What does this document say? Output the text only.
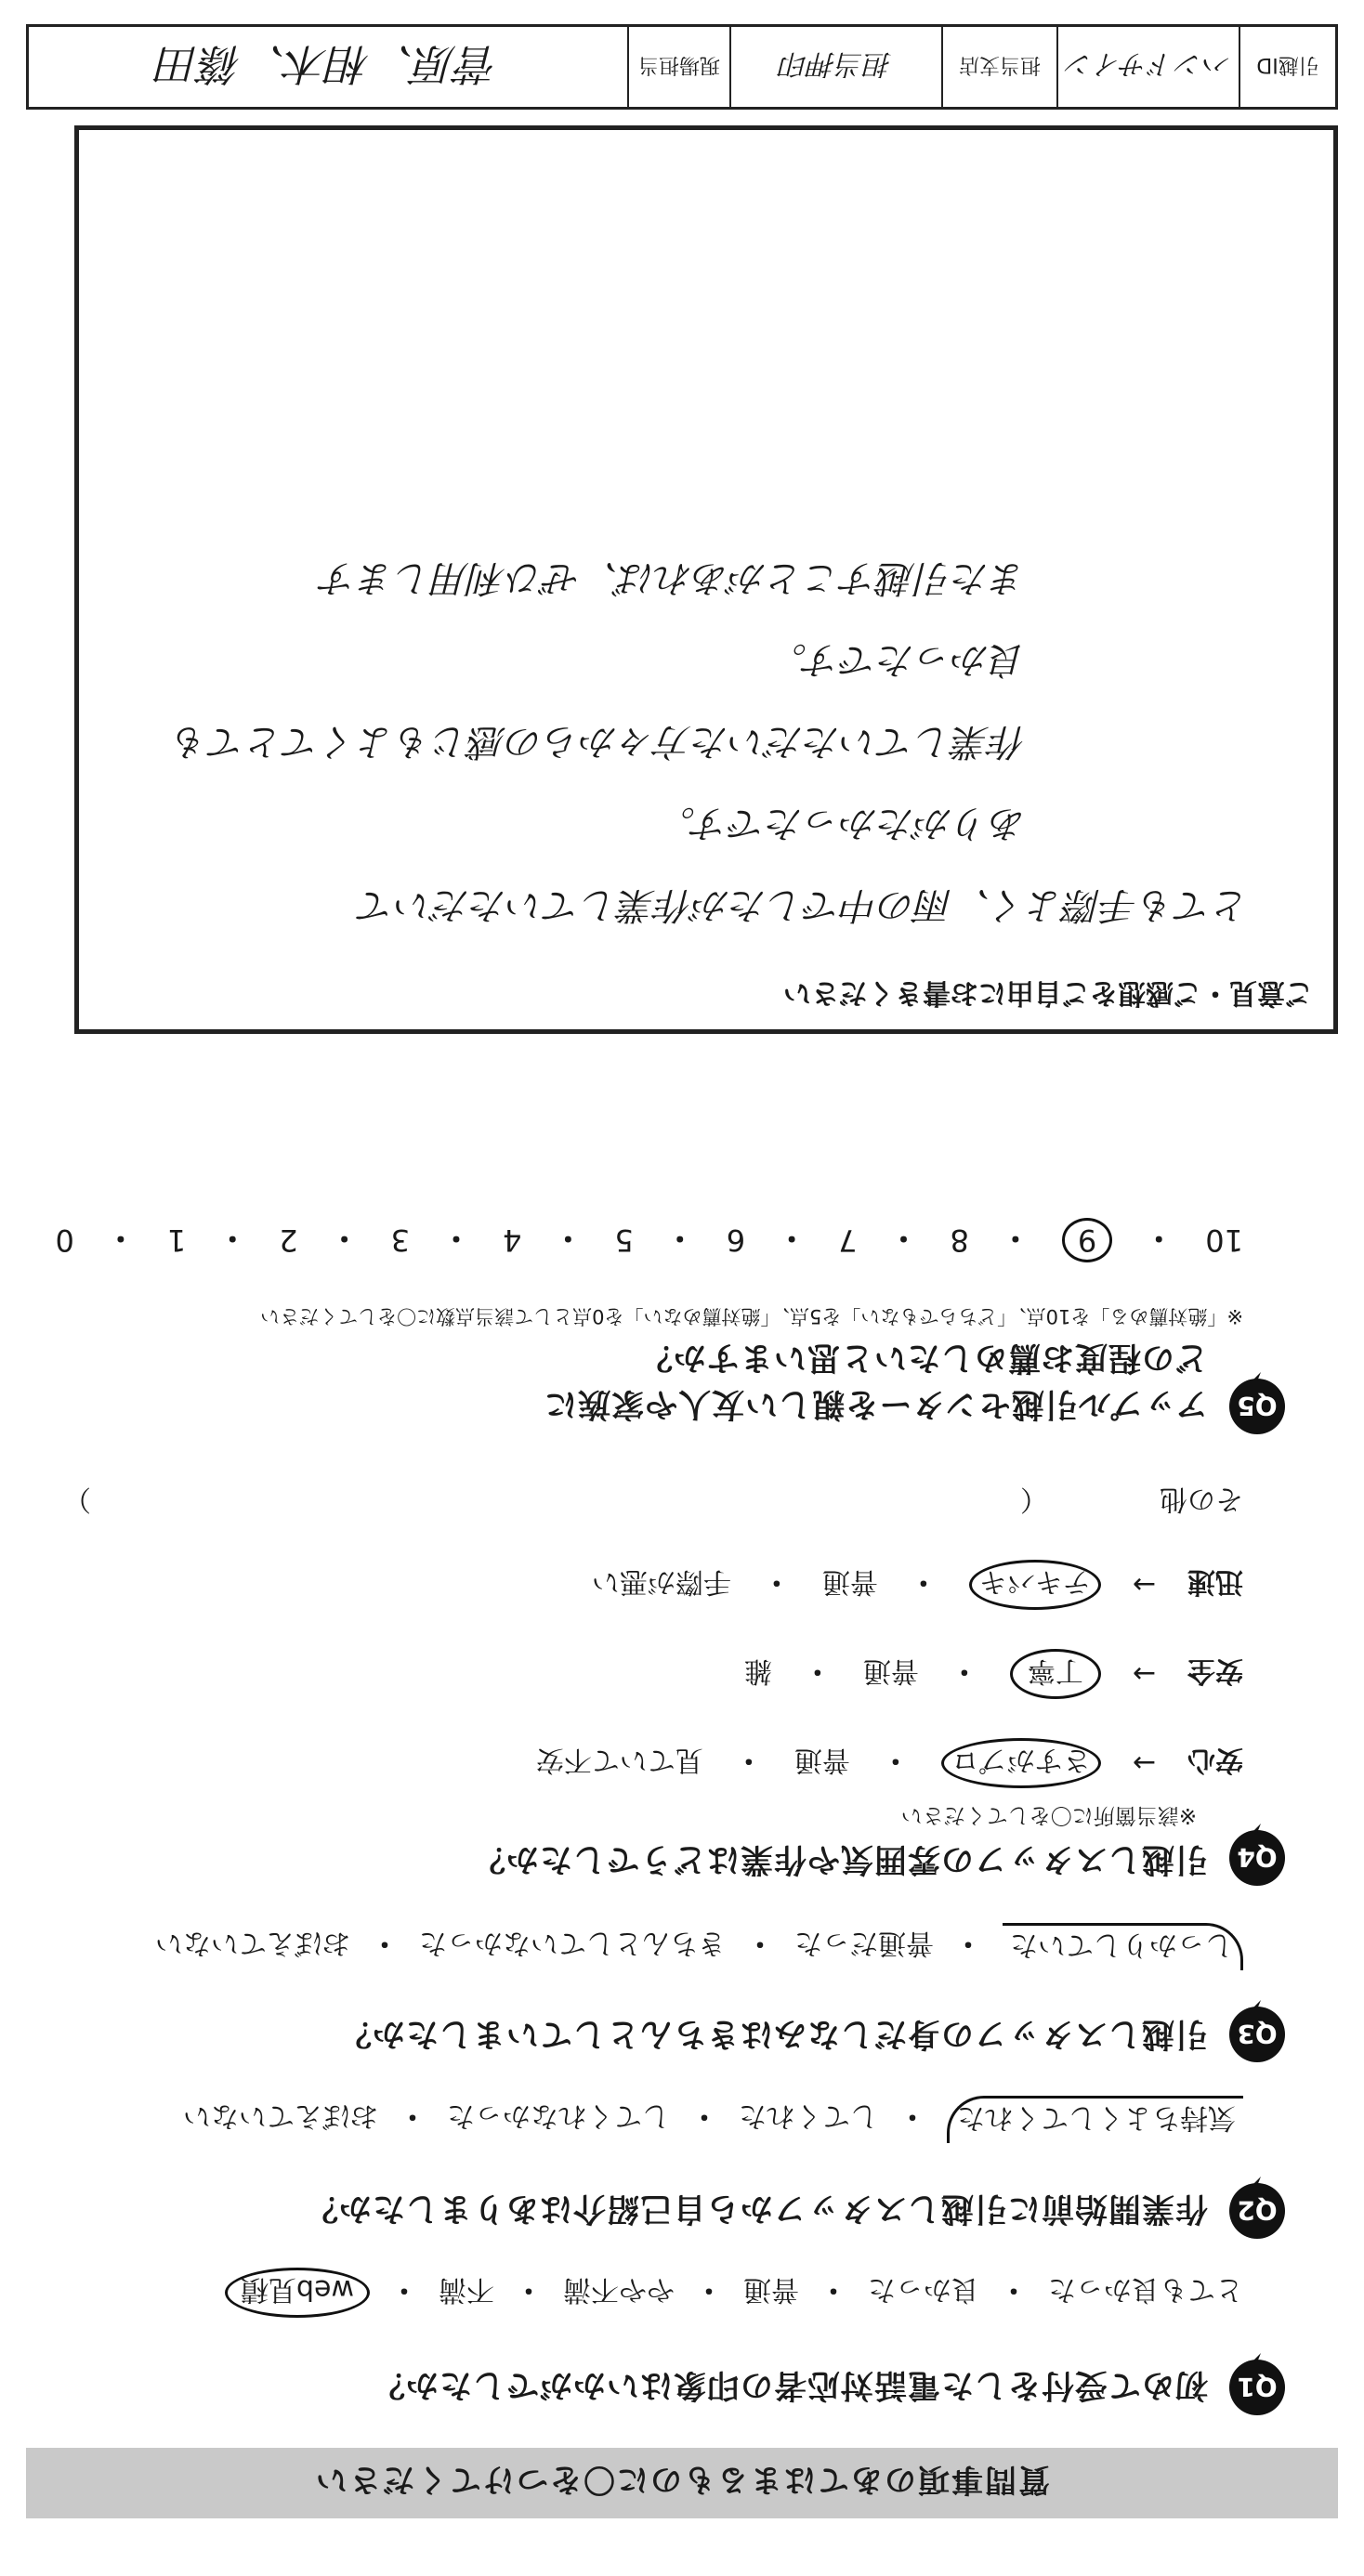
質問事項のあてはまるものに〇をつけてください
Q1
初めて受付をした電話対応者の印象はいかがでしたか？
とても良かった
・
良かった
・
普通
・
やや不満
・
不満
・
web見積
Q2
作業開始前に引越しスタッフから自己紹介はありましたか？
気持ちよくしてくれた
・
してくれた
・
してくれなかった
・
おぼえていない
Q3
引越しスタッフの身だしなみはきちんとしていましたか？
しっかりしていた
・
普通だった
・
きちんとしていなかった
・
おぼえていない
Q4
引越しスタッフの雰囲気や作業はどうでしたか？
※該当箇所に〇をしてください
安心
→
さすがプロ
・
普通
・
見ていて不安
安全
→
丁寧
・
普通
・
雑
迅速
→
テキパキ
・
普通
・
手際が悪い
その他
（
）
Q5
アップル引越センターを親しい友人や家族に
どの程度お薦めしたいと思いますか？
※「絶対薦める」を10点、「どちらでもない」を5点、「絶対薦めない」を0点として該当点数に〇をしてください
10
・
9
・
8
・
7
・
6
・
5
・
4
・
3
・
2
・
1
・
0
ご意見・ご感想をご自由にお書きください
とても手際よく、雨の中でしたが作業していただいて
ありがたかったです。
作業していただいた方々からの感じもよくてとても
良かったです。
また引越すことがあれば、ぜひ利用します
引越ID
ハンドサイン
担当支店
担当押印
現場担当
菅原、相木、篠田
